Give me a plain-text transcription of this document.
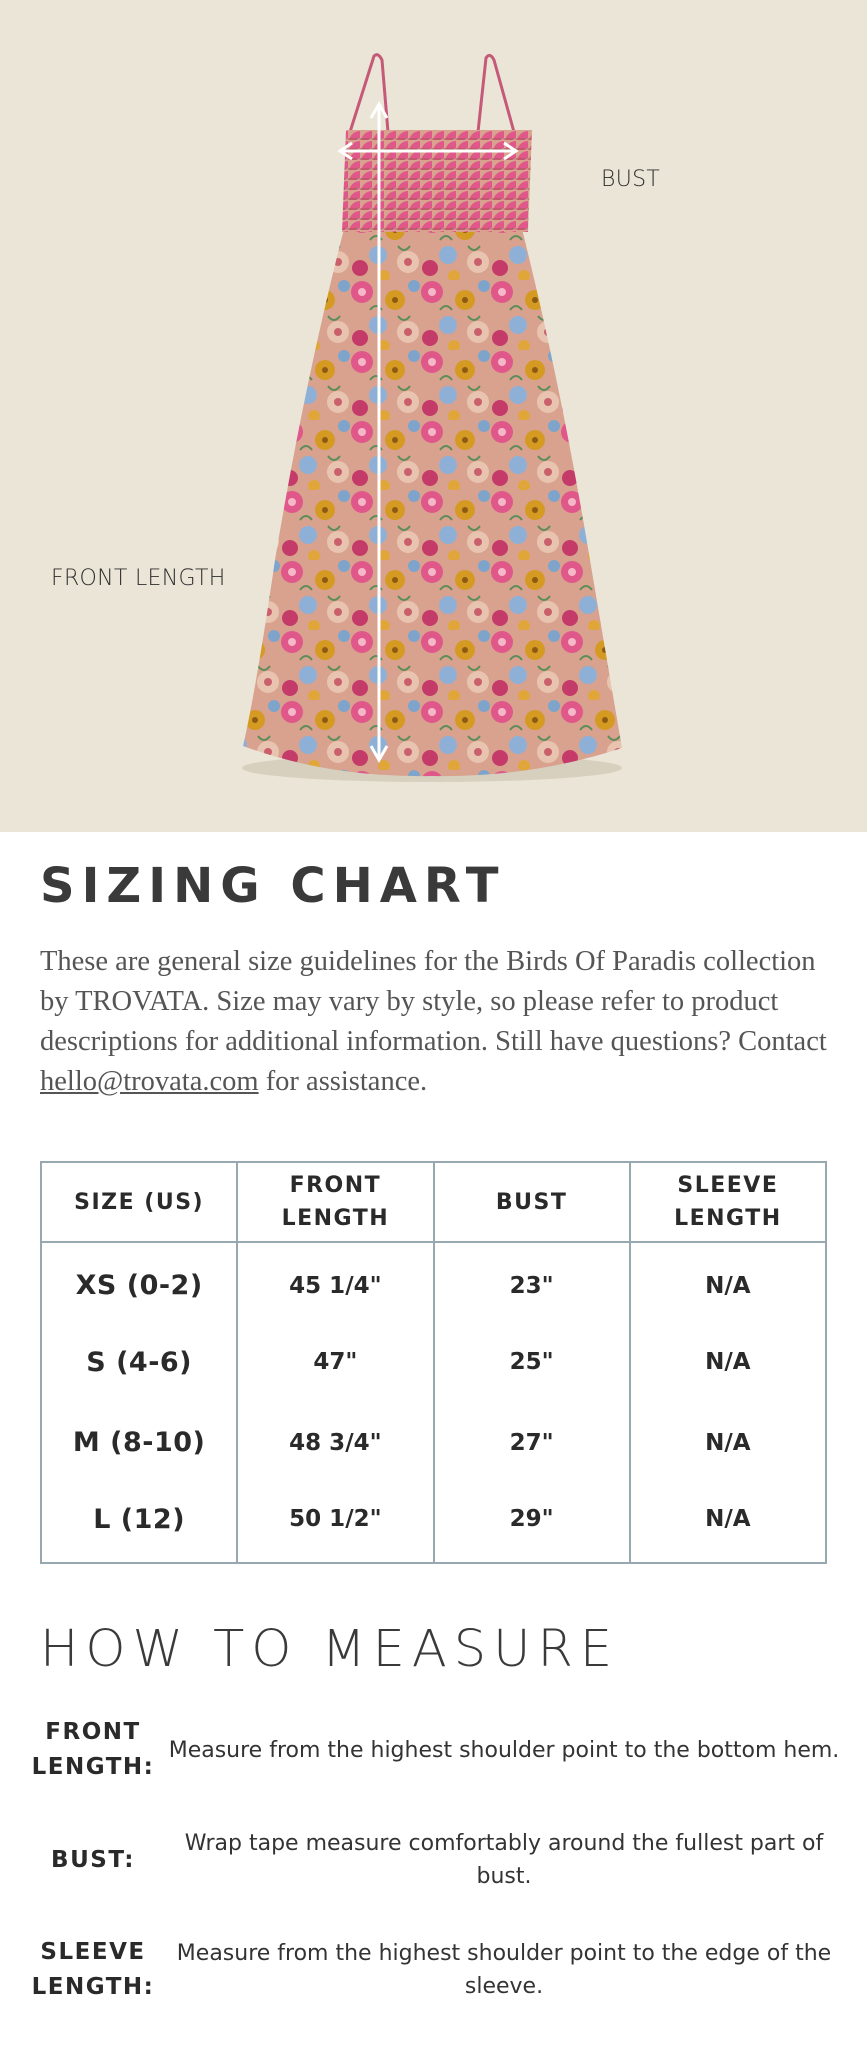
BUST
FRONT LENGTH
SIZING CHART

These are general size guidelines for the Birds Of Paradis collection by TROVATA. Size may vary by style, so please refer to product descriptions for additional information. Still have questions? Contact hello@trovata.com for assistance.

SIZE (US)	FRONT LENGTH	BUST	SLEEVE LENGTH
XS (0-2)	45 1/4"	23"	N/A
S (4-6)	47"	25"	N/A
M (8-10)	48 3/4"	27"	N/A
L (12)	50 1/2"	29"	N/A
HOW TO MEASURE
FRONT LENGTH:
Measure from the highest shoulder point to the bottom hem.
BUST:
Wrap tape measure comfortably around the fullest part of bust.
SLEEVE LENGTH:
Measure from the highest shoulder point to the edge of the sleeve.
